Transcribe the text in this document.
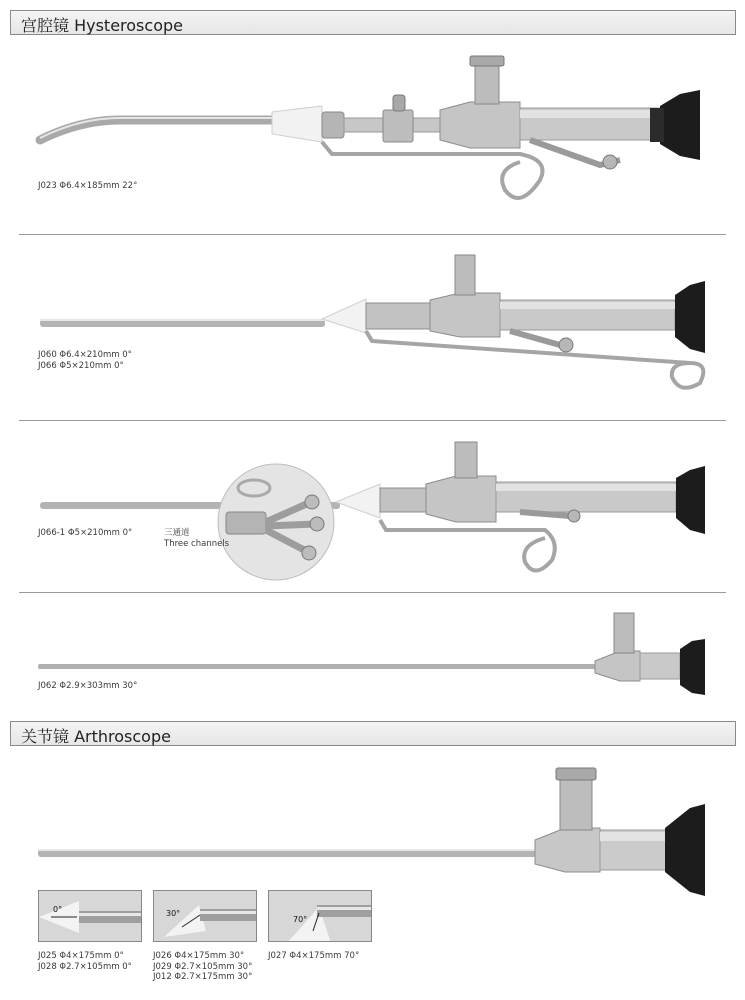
宫腔镜 Hysteroscope
J023 Φ6.4×185mm 22°
J060 Φ6.4×210mm 0°
J066 Φ5×210mm 0°
J066-1 Φ5×210mm 0°	三通道
Three channels
J062 Φ2.9×303mm 30°
关节镜 Arthroscope
0°
J025 Φ4×175mm 0°
J028 Φ2.7×105mm 0°
30°
J026 Φ4×175mm 30°
J029 Φ2.7×105mm 30°
J012 Φ2.7×175mm 30°
70°
J027 Φ4×175mm 70°
